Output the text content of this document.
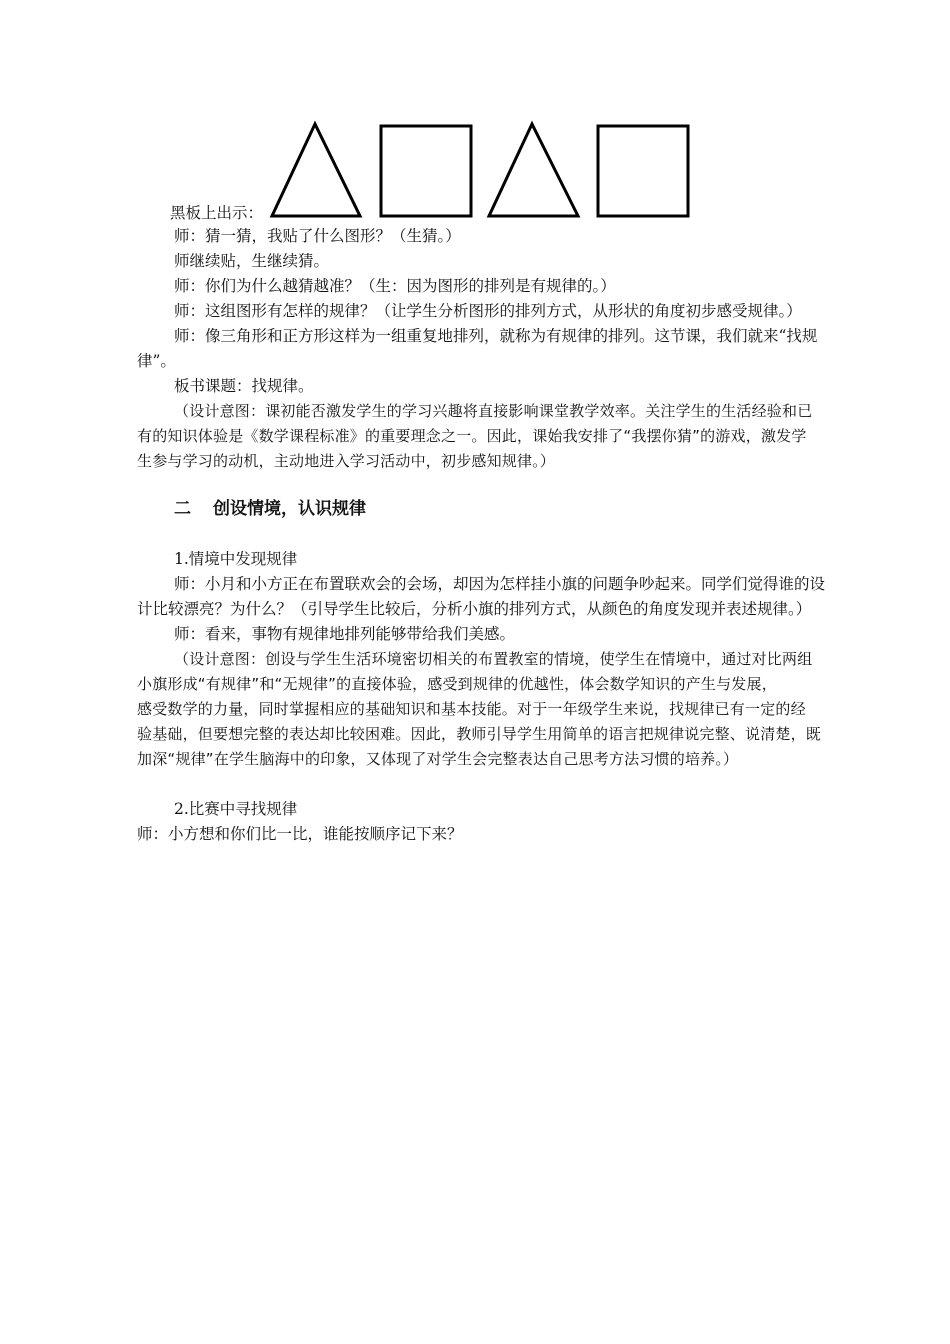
黑板上出示：
师：猜一猜，我贴了什么图形？（生猜。）
师继续贴，生继续猜。
师：你们为什么越猜越准？（生：因为图形的排列是有规律的。）
师：这组图形有怎样的规律？（让学生分析图形的排列方式，从形状的角度初步感受规律。）
师：像三角形和正方形这样为一组重复地排列，就称为有规律的排列。这节课，我们就来“找规
律”。
板书课题：找规律。
（设计意图：课初能否激发学生的学习兴趣将直接影响课堂教学效率。关注学生的生活经验和已
有的知识体验是《数学课程标准》的重要理念之一。因此，课始我安排了“我摆你猜”的游戏，激发学
生参与学习的动机，主动地进入学习活动中，初步感知规律。）
二 创设情境，认识规律
1.情境中发现规律
师：小月和小方正在布置联欢会的会场，却因为怎样挂小旗的问题争吵起来。同学们觉得谁的设
计比较漂亮？为什么？（引导学生比较后，分析小旗的排列方式，从颜色的角度发现并表述规律。）
师：看来，事物有规律地排列能够带给我们美感。
（设计意图：创设与学生生活环境密切相关的布置教室的情境，使学生在情境中，通过对比两组
小旗形成“有规律”和“无规律”的直接体验，感受到规律的优越性，体会数学知识的产生与发展，
感受数学的力量，同时掌握相应的基础知识和基本技能。对于一年级学生来说，找规律已有一定的经
验基础，但要想完整的表达却比较困难。因此，教师引导学生用简单的语言把规律说完整、说清楚，既
加深“规律”在学生脑海中的印象，又体现了对学生会完整表达自己思考方法习惯的培养。）
2.比赛中寻找规律
师：小方想和你们比一比，谁能按顺序记下来？
